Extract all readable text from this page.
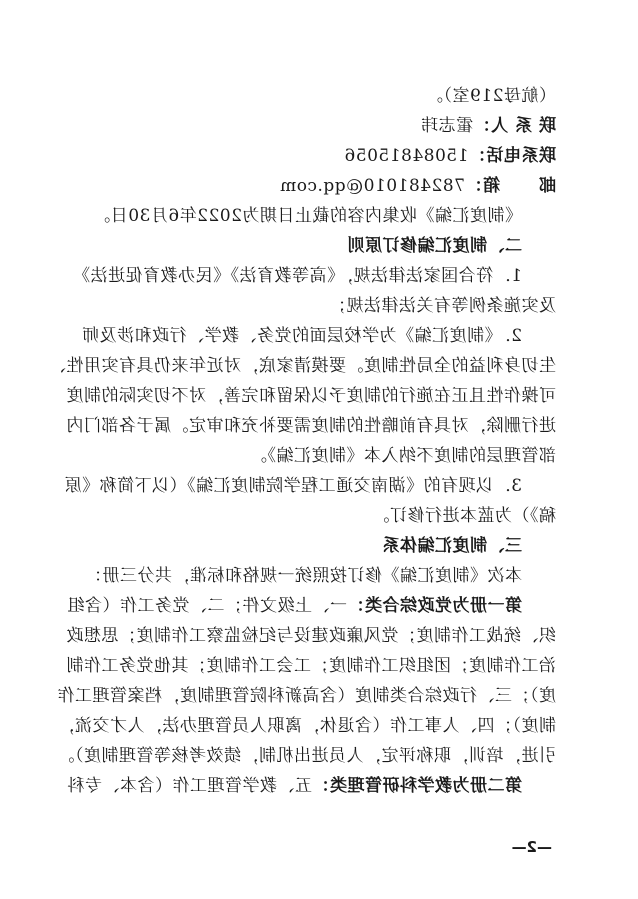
（航母219室）。
联 系 人：霍志玮
联系电话：15084815056
邮      箱：782481010@qq.com
《制度汇编》收集内容的截止日期为2022年6月30日。
二、制度汇编修订原则
1．符合国家法律法规，《高等教育法》《民办教育促进法》
及实施条例等有关法律法规；
2．《制度汇编》为学校层面的党务、教学、行政和涉及师
生切身利益的全局性制度。要摸清家底，对近年来仍具有实用性、
可操作性且正在施行的制度予以保留和完善，对不切实际的制度
进行删除，对具有前瞻性的制度需要补充和审定。属于各部门内
部管理层的制度不纳入本《制度汇编》。
3．以现有的《湖南交通工程学院制度汇编》（以下简称《原
稿》）为蓝本进行修订。
三、制度汇编体系
本次《制度汇编》修订按照统一规格和标准，共分三册：
第一册为党政综合类：一、上级文件；二、党务工作（含组
织、统战工作制度；党风廉政建设与纪检监察工作制度；思想政
治工作制度；团组织工作制度；工会工作制度；其他党务工作制
度）；三、行政综合类制度（含高新科院管理制度，档案管理工作
制度）；四、人事工作（含退休，离职人员管理办法，人才交流，
引进，培训，职称评定，人员进出机制，绩效考核等管理制度）。
第二册为教学科研管理类：五、教学管理工作（含本、专科
—2—
